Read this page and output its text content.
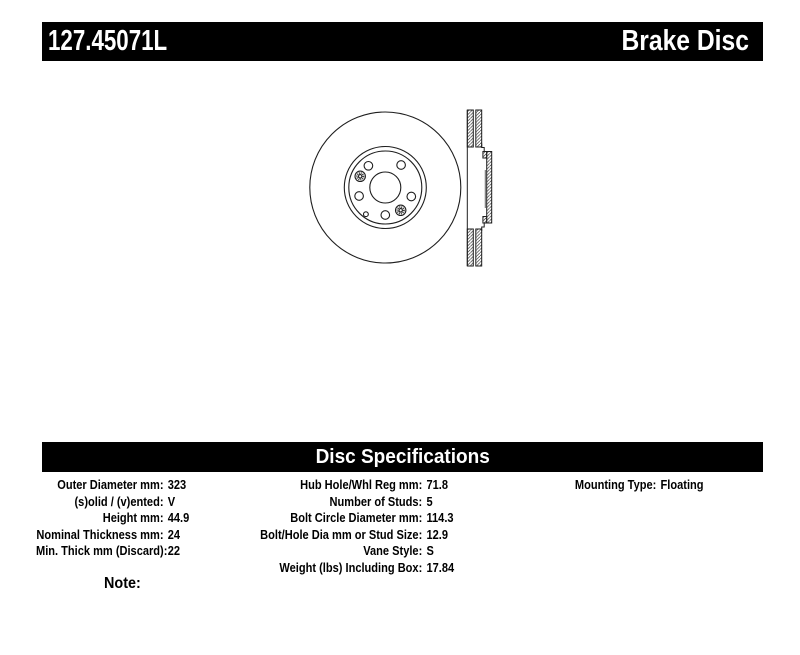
127.45071L	Brake Disc
Disc Specifications
Outer Diameter mm: 323
(s)olid / (v)ented: V
Height mm: 44.9
Nominal Thickness mm: 24
Min. Thick mm (Discard): 22
Hub Hole/Whl Reg mm: 71.8
Number of Studs: 5
Bolt Circle Diameter mm: 114.3
Bolt/Hole Dia mm or Stud Size: 12.9
Vane Style: S
Weight (lbs) Including Box: 17.84
Mounting Type: Floating
Note:
